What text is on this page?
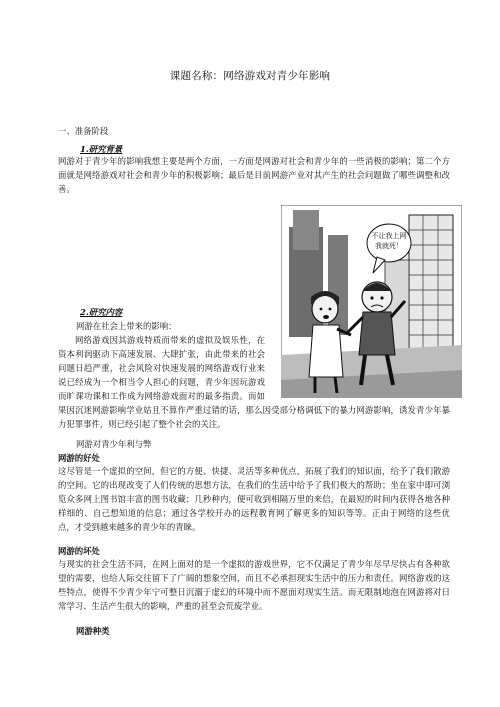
课题名称：网络游戏对青少年影响
一、准备阶段
1.研究背景

网游对于青少年的影响我想主要是两个方面，一方面是网游对社会和青少年的一些消极的影响；第二个方面就是网络游戏对社会和青少年的积极影响；最后是目前网游产业对其产生的社会问题做了哪些调整和改善。

不让我上网
我就死！
2.研究内容
网游在社会上带来的影响：

网络游戏因其游戏特质而带来的虚拟及娱乐性，在资本利润驱动下高速发展、大肆扩张，由此带来的社会问题日趋严重，社会风险对快速发展的网络游戏行业来说已经成为一个相当令人担心的问题，青少年因玩游戏而旷课功课和工作成为网络游戏面对的最多指责。而如果因沉迷网游影响学业姑且不算作严重过错的话，那么因受部分格调低下的暴力网游影响，诱发青少年暴力犯罪事件，则已经引起了整个社会的关注。

网游对青少年利与弊
网游的好处

这尽管是一个虚拟的空间，但它的方便、快捷、灵活等多种优点，拓展了我们的知识面，给予了我们散游的空间。它的出现改变了人们传统的思想方法，在我们的生活中给予了我们极大的帮助；坐在家中即可浏览众多网上图书馆丰富的图书收藏；几秒种内，便可收到相隔万里的来信，在最短的时间内获得各地各种样细的、自己想知道的信息；通过各学校开办的远程教育网了解更多的知识等等。正由于网络的这些优点，才受到越来越多的青少年的青睐。

网游的坏处

与现实的社会生活不同，在网上面对的是一个虚拟的游戏世界，它不仅满足了青少年尽早尽快占有各种欲望的需要，也给人际交往留下了广阔的想象空间，而且不必承担现实生活中的压力和责任。网络游戏的这些特点，使得不少青少年宁可整日沉溺于虚幻的环境中而不愿面对现实生活。而无限制地泡在网游将对日常学习、生活产生很大的影响，严重的甚至会荒废学业。

网游种类
